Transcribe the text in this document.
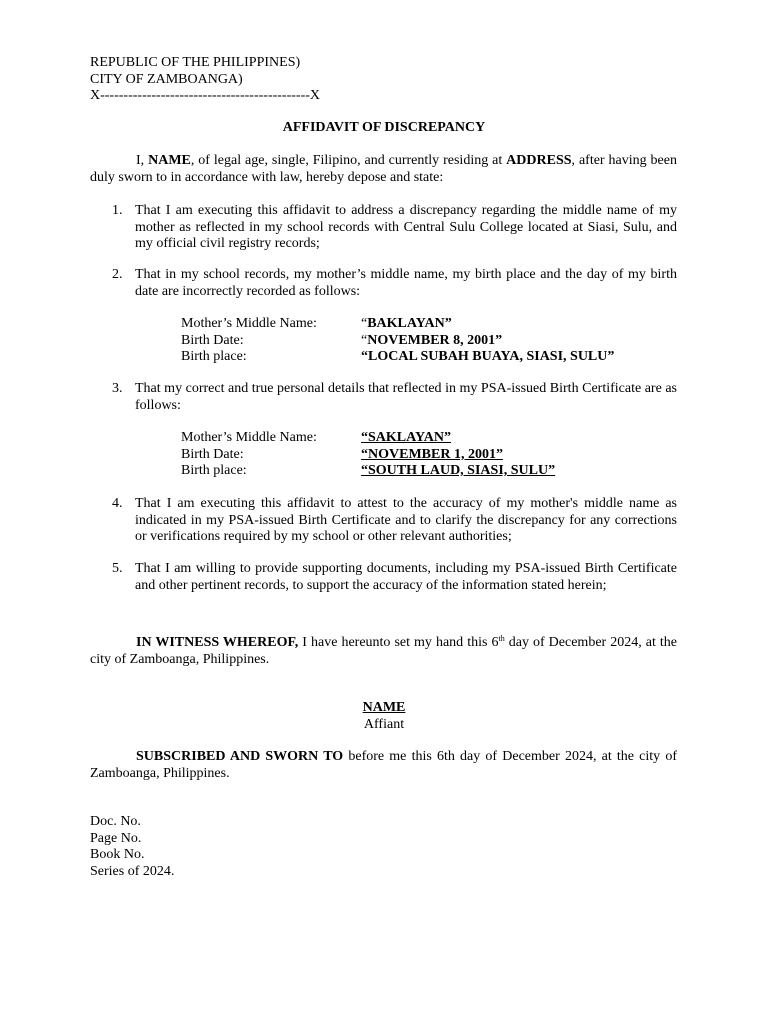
REPUBLIC OF THE PHILIPPINES)
CITY OF ZAMBOANGA)
X---------------------------------------------X
AFFIDAVIT OF DISCREPANCY
I, NAME, of legal age, single, Filipino, and currently residing at ADDRESS, after having been duly sworn to in accordance with law, hereby depose and state:
1. That I am executing this affidavit to address a discrepancy regarding the middle name of my mother as reflected in my school records with Central Sulu College located at Siasi, Sulu, and my official civil registry records;
2. That in my school records, my mother’s middle name, my birth place and the day of my birth date are incorrectly recorded as follows:
Mother’s Middle Name:	“BAKLAYAN”
Birth Date:	“NOVEMBER 8, 2001”
Birth place:	“LOCAL SUBAH BUAYA, SIASI, SULU”
3. That my correct and true personal details that reflected in my PSA-issued Birth Certificate are as follows:
Mother’s Middle Name:	“SAKLAYAN”
Birth Date:	“NOVEMBER 1, 2001”
Birth place:	“SOUTH LAUD, SIASI, SULU”
4. That I am executing this affidavit to attest to the accuracy of my mother's middle name as indicated in my PSA-issued Birth Certificate and to clarify the discrepancy for any corrections or verifications required by my school or other relevant authorities;
5. That I am willing to provide supporting documents, including my PSA-issued Birth Certificate and other pertinent records, to support the accuracy of the information stated herein;
IN WITNESS WHEREOF, I have hereunto set my hand this 6th day of December 2024, at the city of Zamboanga, Philippines.
NAME
Affiant
SUBSCRIBED AND SWORN TO before me this 6th day of December 2024, at the city of Zamboanga, Philippines.
Doc. No.
Page No.
Book No.
Series of 2024.
